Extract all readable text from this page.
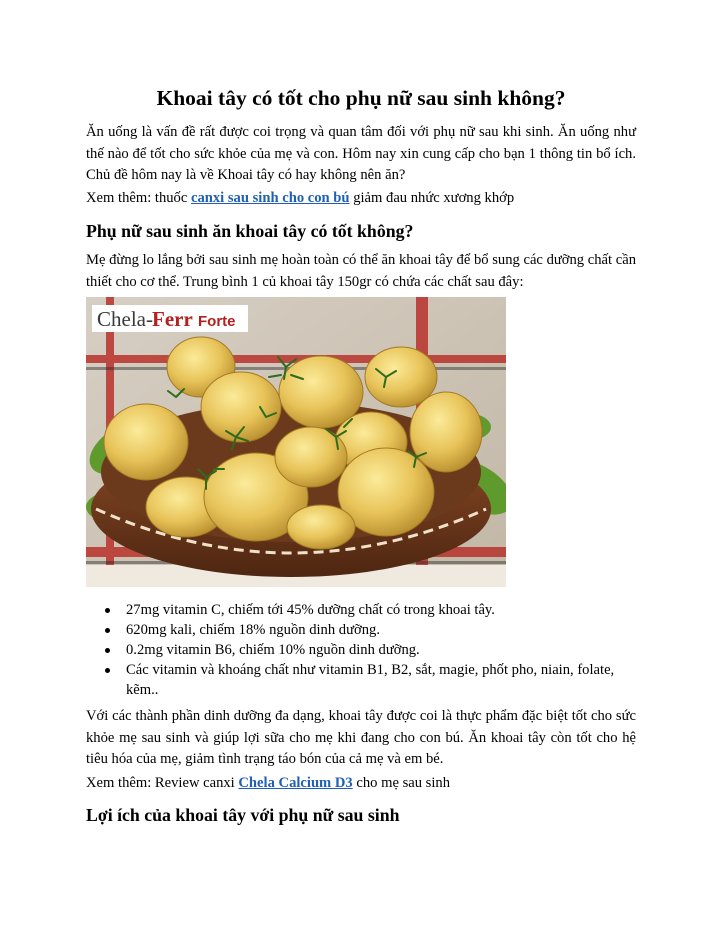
Khoai tây có tốt cho phụ nữ sau sinh không?

Ăn uống là vấn đề rất được coi trọng và quan tâm đối với phụ nữ sau khi sinh. Ăn uống như thế nào để tốt cho sức khỏe của mẹ và con. Hôm nay xin cung cấp cho bạn 1 thông tin bổ ích. Chủ đề hôm nay là về Khoai tây có hay không nên ăn?

Xem thêm: thuốc canxi sau sinh cho con bú giảm đau nhức xương khớp

Phụ nữ sau sinh ăn khoai tây có tốt không?

Mẹ đừng lo lắng bởi sau sinh mẹ hoàn toàn có thể ăn khoai tây để bổ sung các dưỡng chất cần thiết cho cơ thể. Trung bình 1 củ khoai tây 150gr có chứa các chất sau đây:

Chela- Ferr Forte
27mg vitamin C, chiếm tới 45% dưỡng chất có trong khoai tây.
620mg kali, chiếm 18% nguồn dinh dưỡng.
0.2mg vitamin B6, chiếm 10% nguồn dinh dưỡng.
Các vitamin và khoáng chất như vitamin B1, B2, sắt, magie, phốt pho, niain, folate, kẽm..

Với các thành phần dinh dưỡng đa dạng, khoai tây được coi là thực phẩm đặc biệt tốt cho sức khỏe mẹ sau sinh và giúp lợi sữa cho mẹ khi đang cho con bú. Ăn khoai tây còn tốt cho hệ tiêu hóa của mẹ, giảm tình trạng táo bón của cả mẹ và em bé.

Xem thêm: Review canxi Chela Calcium D3 cho mẹ sau sinh

Lợi ích của khoai tây với phụ nữ sau sinh
